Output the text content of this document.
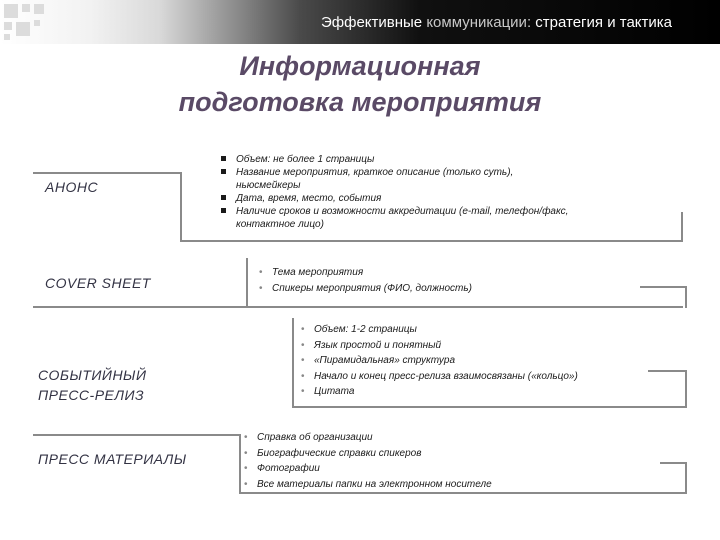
Эффективные коммуникации: стратегия и тактика
Информационная
подготовка мероприятия
АНОНС
Объем: не более 1 страницы
Название мероприятия, краткое описание (только суть), ньюсмейкеры
Дата, время, место, события
Наличие сроков и возможности аккредитации (e-mail, телефон/факс, контактное лицо)
COVER SHEET
• Тема мероприятия
• Спикеры мероприятия (ФИО, должность)
СОБЫТИЙНЫЙ
ПРЕСС-РЕЛИЗ
• Объем: 1-2 страницы
• Язык простой и понятный
• «Пирамидальная» структура
• Начало и конец пресс-релиза взаимосвязаны («кольцо»)
• Цитата
ПРЕСС МАТЕРИАЛЫ
• Справка об организации
• Биографические справки спикеров
• Фотографии
• Все материалы папки на электронном носителе
